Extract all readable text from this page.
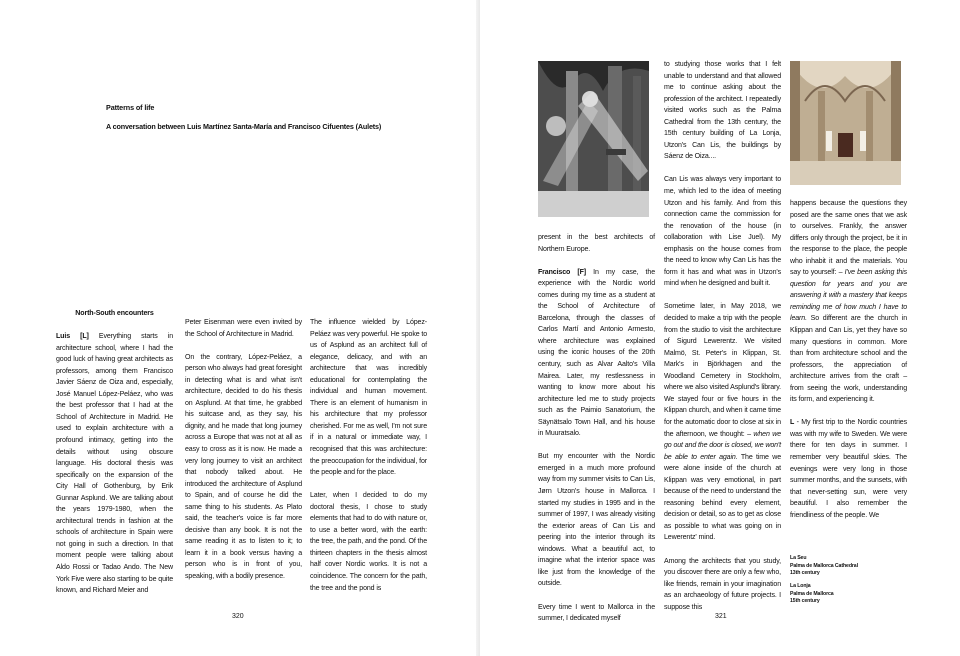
Patterns of life
A conversation between Luis Martínez Santa-María and Francisco Cifuentes (Aulets)
North-South encounters

Luis [L] Everything starts in architecture school, where I had the good luck of having great architects as professors, among them Francisco Javier Sáenz de Oiza and, especially, José Manuel López-Peláez, who was the best professor that I had at the School of Architecture in Madrid. He used to explain architecture with a profound intimacy, getting into the details without using obscure language. His doctoral thesis was specifically on the expansion of the City Hall of Gothenburg, by Erik Gunnar Asplund. We are talking about the years 1979-1980, when the architectural trends in fashion at the schools of architecture in Spain were not going in such a direction. In that moment people were talking about Aldo Rossi or Tadao Ando. The New York Five were also starting to be quite known, and Richard Meier and

Peter Eisenman were even invited by the School of Architecture in Madrid.

On the contrary, López-Peláez, a person who always had great foresight in detecting what is and what isn't architecture, decided to do his thesis on Asplund. At that time, he grabbed his suitcase and, as they say, his dignity, and he made that long journey across a Europe that was not at all as easy to cross as it is now. He made a very long journey to visit an architect that nobody talked about. He introduced the architecture of Asplund to Spain, and of course he did the same thing to his students. As Plato said, the teacher's voice is far more decisive than any book. It is not the same reading it as to listen to it; to learn it in a book versus having a person who is in front of you, speaking, with a bodily presence.

The influence wielded by López-Peláez was very powerful. He spoke to us of Asplund as an architect full of elegance, delicacy, and with an architecture that was incredibly educational for contemplating the individual and human movement. There is an element of humanism in his architecture that my professor cherished. For me as well, I'm not sure if in a natural or immediate way, I recognised that this was architecture: the preoccupation for the individual, for the people and for the place.

Later, when I decided to do my doctoral thesis, I chose to study elements that had to do with nature or, to use a better word, with the earth: the tree, the path, and the pond. Of the thirteen chapters in the thesis almost half cover Nordic works. It is not a coincidence. The concern for the path, the tree and the pond is

320

present in the best architects of Northern Europe.

Francisco [F] In my case, the experience with the Nordic world comes during my time as a student at the School of Architecture of Barcelona, through the classes of Carlos Martí and Antonio Armesto, where architecture was explained using the iconic houses of the 20th century, such as Alvar Aalto's Villa Mairea. Later, my restlessness in wanting to know more about his architecture led me to study projects such as the Paimio Sanatorium, the Säynätsalo Town Hall, and his house in Muuratsalo.

But my encounter with the Nordic emerged in a much more profound way from my summer visits to Can Lis, Jørn Utzon's house in Mallorca. I started my studies in 1995 and in the summer of 1997, I was already visiting the exterior areas of Can Lis and peering into the interior through its windows. What a beautiful act, to imagine what the interior space was like just from the knowledge of the outside.

Every time I went to Mallorca in the summer, I dedicated myself

to studying those works that I felt unable to understand and that allowed me to continue asking about the profession of the architect. I repeatedly visited works such as the Palma Cathedral from the 13th century, the 15th century building of La Lonja, Utzon's Can Lis, the buildings by Sáenz de Oiza....

Can Lis was always very important to me, which led to the idea of meeting Utzon and his family. And from this connection came the commission for the renovation of the house (in collaboration with Lise Juel). My emphasis on the house comes from the need to know why Can Lis has the form it has and what was in Utzon's mind when he designed and built it.

Sometime later, in May 2018, we decided to make a trip with the people from the studio to visit the architecture of Sigurd Lewerentz. We visited Malmö, St. Peter's in Klippan, St. Mark's in Björkhagen and the Woodland Cemetery in Stockholm, where we also visited Asplund's library. We stayed four or five hours in the Klippan church, and when it came time for the automatic door to close at six in the afternoon, we thought: – when we go out and the door is closed, we won't be able to enter again. The time we were alone inside of the church at Klippan was very emotional, in part because of the need to understand the reasoning behind every element, decision or detail, so as to get as close as possible to what was going on in Lewerentz' mind.

Among the architects that you study, you discover there are only a few who, like friends, remain in your imagination as an archaeology of future projects. I suppose this

happens because the questions they posed are the same ones that we ask to ourselves. Frankly, the answer differs only through the project, be it in the response to the place, the people who inhabit it and the materials. You say to yourself: – I've been asking this question for years and you are answering it with a mastery that keeps reminding me of how much I have to learn. So different are the church in Klippan and Can Lis, yet they have so many questions in common. More than from architecture school and the professors, the appreciation of architecture arrives from the craft – from seeing the work, understanding its form, and experiencing it.

L - My first trip to the Nordic countries was with my wife to Sweden. We were there for ten days in summer. I remember very beautiful skies. The evenings were very long in those summer months, and the sunsets, with that never-setting sun, were very beautiful. I also remember the friendliness of the people. We

La Seu
Palma de Mallorca Cathedral
13th century
La Lonja
Palma de Mallorca
15th century
321
